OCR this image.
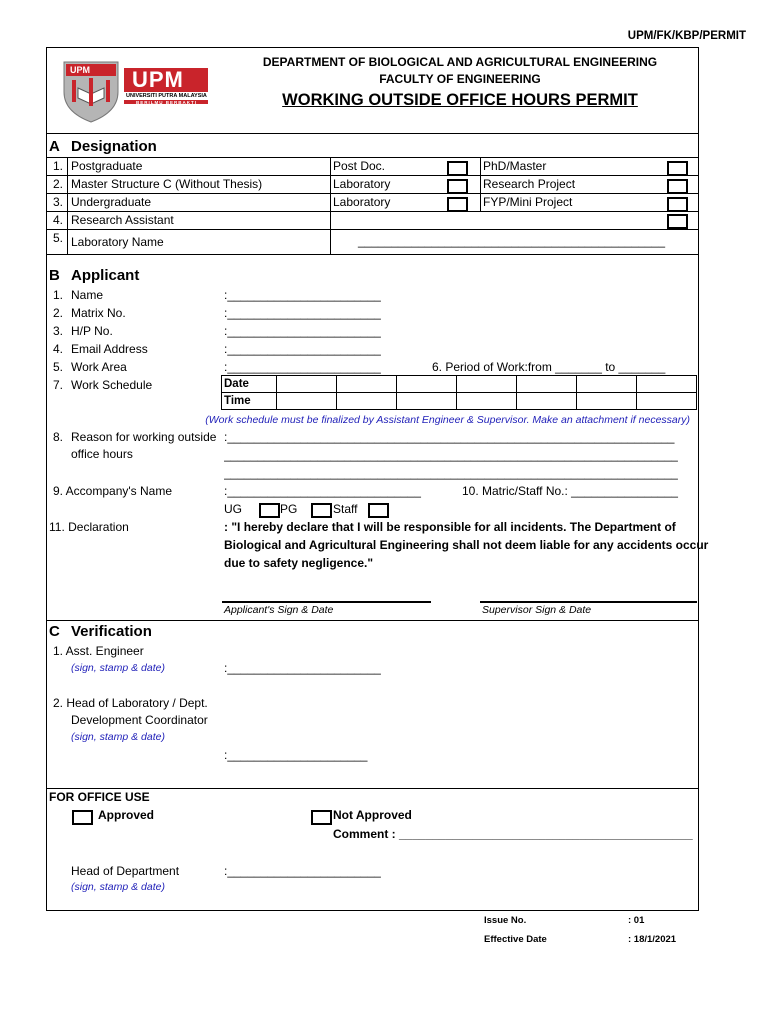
UPM/FK/KBP/PERMIT
UPM UPM
UNIVERSITI PUTRA MALAYSIA
BERILMU BERBAKTI
DEPARTMENT OF BIOLOGICAL AND AGRICULTURAL ENGINEERING
FACULTY OF ENGINEERING
WORKING OUTSIDE OFFICE HOURS PERMIT
A Designation
1. Postgraduate	Post Doc.	PhD/Master
2. Master Structure C (Without Thesis)	Laboratory	Research Project
3. Undergraduate	Laboratory	FYP/Mini Project
4. Research Assistant
5. Laboratory Name	______________________________________________
B Applicant
1. Name	:_______________________
2. Matrix No.	:_______________________
3. H/P No.	:_______________________
4. Email Address	:_______________________
5. Work Area	:_______________________	6. Period of Work:from _______ to _______
7. Work Schedule	Date							
Time							
(Work schedule must be finalized by Assistant Engineer & Supervisor. Make an attachment if necessary)
8. Reason for working outside
office hours
:___________________________________________________________________
____________________________________________________________________
____________________________________________________________________
9. Accompany's Name	:_____________________________	10. Matric/Staff No.: ________________
UG	PG	Staff
11. Declaration	: "I hereby declare that I will be responsible for all incidents. The Department of
Biological and Agricultural Engineering shall not deem liable for any accidents occur
due to safety negligence."
Applicant's Sign & Date	Supervisor Sign & Date
C Verification
1. Asst. Engineer
(sign, stamp & date)	:_______________________
2. Head of Laboratory / Dept.
Development Coordinator
(sign, stamp & date)
:_____________________
FOR OFFICE USE
Approved	Not Approved
Comment : ____________________________________________
Head of Department
(sign, stamp & date)
:_______________________
Issue No.	: 01
Effective Date	: 18/1/2021
